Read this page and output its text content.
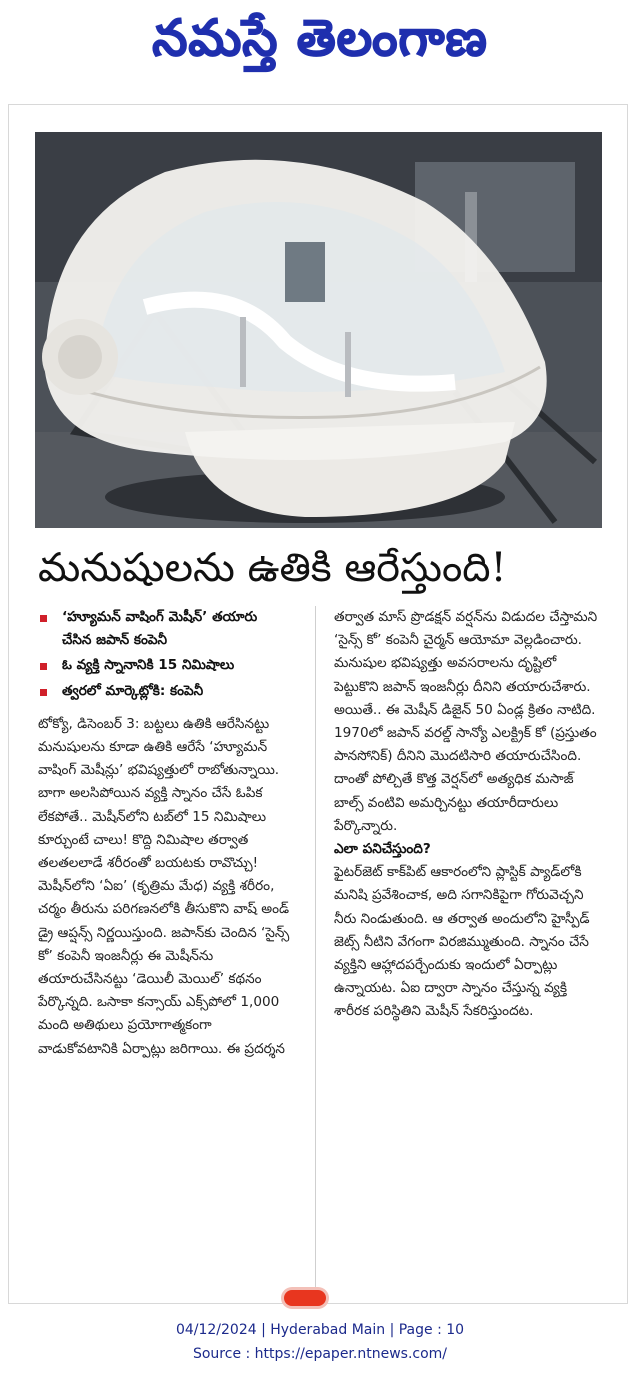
నమస్తే తెలంగాణ
మనుషులను ఉతికి ఆరేస్తుంది!
‘హ్యూమన్ వాషింగ్ మెషీన్’ తయారు చేసిన జపాన్ కంపెనీ
ఓ వ్యక్తి స్నానానికి 15 నిమిషాలు
త్వరలో మార్కెట్లోకి: కంపెనీ
టోక్యో, డిసెంబర్ 3: బట్టలు ఉతికి ఆరేసినట్టు మనుషులను కూడా ఉతికి ఆరేసే ‘హ్యూమన్ వాషింగ్ మెషీన్లు’ భవిష్యత్తులో రాబోతున్నాయి. బాగా అలసిపోయిన వ్యక్తి స్నానం చేసే ఓపిక లేకపోతే.. మెషీన్‌లోని టబ్‌లో 15 నిమిషాలు కూర్చుంటే చాలు! కొద్ది నిమిషాల తర్వాత తలతలలాడే శరీరంతో బయటకు రావొచ్చు! మెషీన్‌లోని ‘ఏఐ’ (కృత్రిమ మేధ) వ్యక్తి శరీరం, చర్మం తీరును పరిగణనలోకి తీసుకొని వాష్ అండ్ డ్రై ఆప్షన్స్ నిర్ణయిస్తుంది. జపాన్‌కు చెందిన ‘సైన్స్ కో’ కంపెనీ ఇంజనీర్లు ఈ మెషీన్‌ను తయారుచేసినట్టు ‘డెయిలీ మెయిల్’ కథనం పేర్కొన్నది. ఒసాకా కన్సాయ్ ఎక్స్‌పోలో 1,000 మంది అతిథులు ప్రయోగాత్మకంగా వాడుకోవటానికి ఏర్పాట్లు జరిగాయి. ఈ ప్రదర్శన
తర్వాత మాస్ ప్రొడక్షన్ వర్షన్‌ను విడుదల చేస్తామని ‘సైన్స్ కో’ కంపెనీ చైర్మన్ ఆయోమా వెల్లడించారు. మనుషుల భవిష్యత్తు అవసరాలను దృష్టిలో పెట్టుకొని జపాన్ ఇంజనీర్లు దీనిని తయారుచేశారు. అయితే.. ఈ మెషీన్ డిజైన్ 50 ఏండ్ల క్రితం నాటిది. 1970లో జపాన్ వరల్డ్ సాన్యో ఎలక్ట్రిక్ కో (ప్రస్తుతం పానసోనిక్) దీనిని మొదటిసారి తయారుచేసింది. దాంతో పోల్చితే కొత్త వెర్షన్‌లో అత్యధిక మసాజ్ బాల్స్ వంటివి అమర్చినట్టు తయారీదారులు పేర్కొన్నారు.
ఎలా పనిచేస్తుంది?
ఫైటర్‌జెట్ కాక్‌పిట్ ఆకారంలోని ప్లాస్టిక్ ప్యాడ్‌లోకి మనిషి ప్రవేశించాక, అది సగానికిపైగా గోరువెచ్చని నీరు నిండుతుంది. ఆ తర్వాత అందులోని హైస్పీడ్ జెట్స్ నీటిని వేగంగా విరజిమ్ముతుంది. స్నానం చేసే వ్యక్తిని ఆహ్లాదపర్చేందుకు ఇందులో ఏర్పాట్లు ఉన్నాయట. ఏఐ ద్వారా స్నానం చేస్తున్న వ్యక్తి శారీరక పరిస్థితిని మెషీన్ సేకరిస్తుందట.
04/12/2024 | Hyderabad Main | Page : 10
Source : https://epaper.ntnews.com/
